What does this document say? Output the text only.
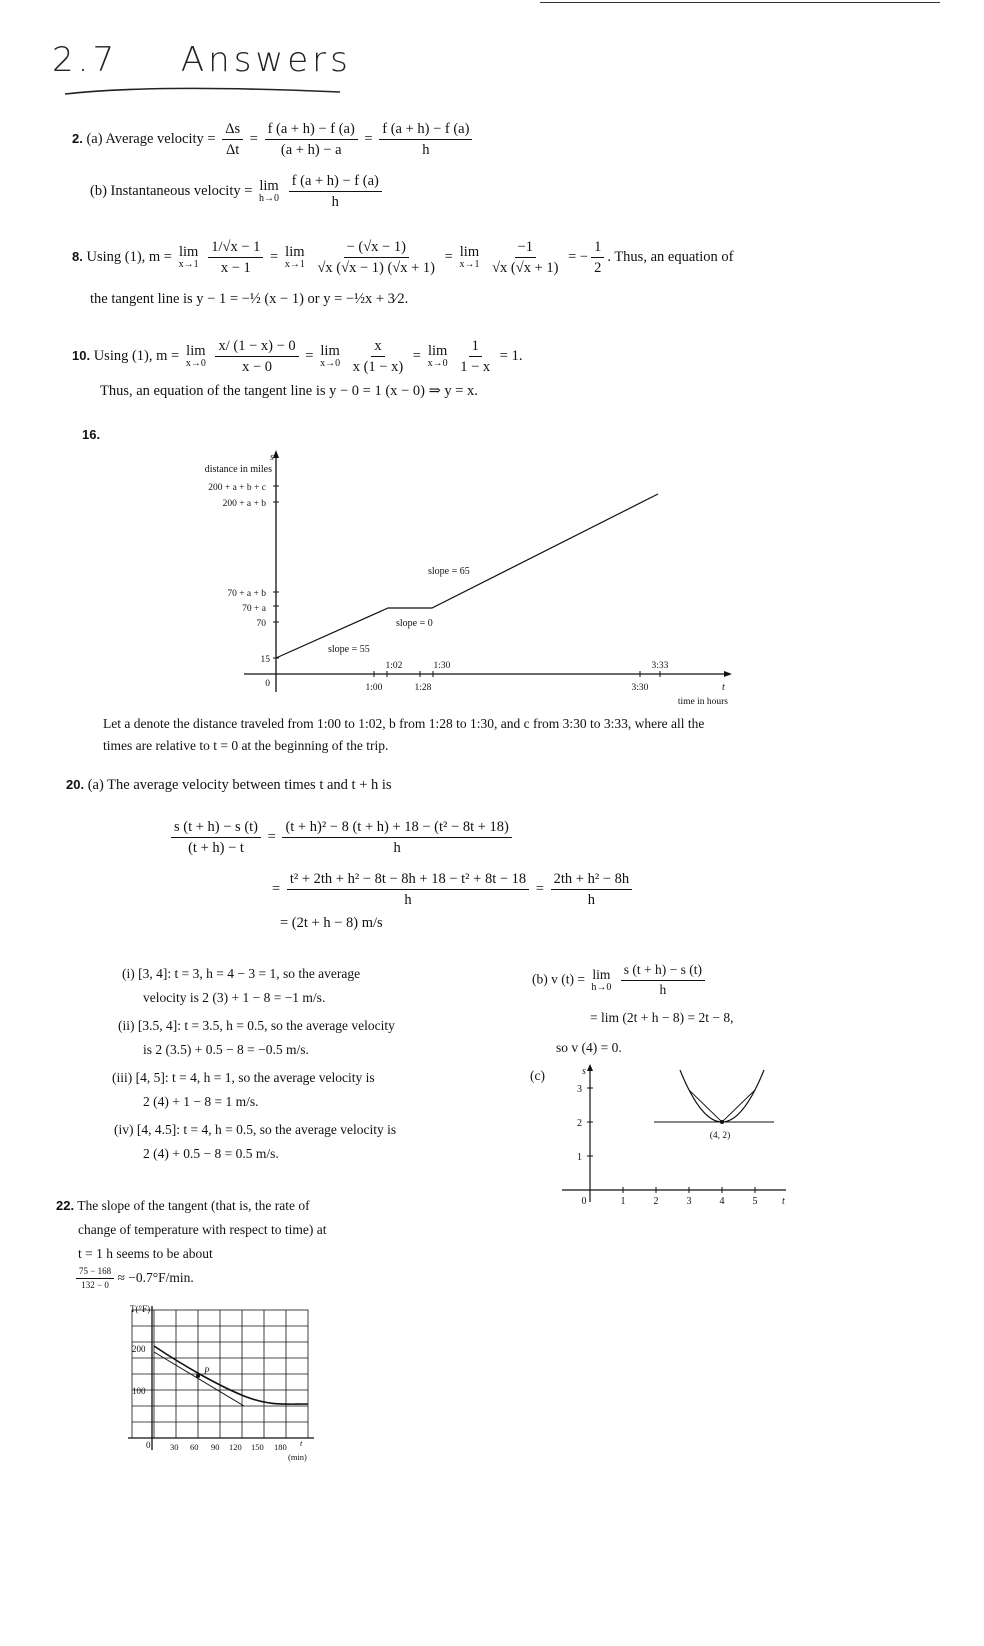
2.7 Answers
2. (a) Average velocity = $\frac{\Delta s}{\Delta t} = \frac{f (a + h) - f (a)}{(a + h) - a} = \frac{f (a + h) - f (a)}{h}$
(b) Instantaneous velocity = lim
h→0
$\frac{f (a + h) - f (a)}{h}$
8. Using (1), m = lim
x→1
$\frac{1/√x - 1}{x - 1} = \lim$
x→1
$\frac{- (√x - 1)}{√x (√x - 1) (√x + 1)} = \lim$
x→1
$\frac{-1}{√x (√x + 1)}$ = − $\frac{1}{2}$ . Thus, an equation of
the tangent line is y − 1 = −½ (x − 1) or y = −½x + 3⁄2.
10. Using (1), m = lim
x→0
$\frac{x/ (1 - x) - 0}{x - 0} = \lim$
x→0
$\frac{x}{x (1 - x)} = \lim$
x→0
$\frac{1}{1 - x} = 1$.
Thus, an equation of the tangent line is y − 0 = 1 (x − 0) ⇒ y = x.
16.
s
distance in miles
t
time in hours
200 + a + b + c
200 + a + b
70 + a + b
70 + a
70
15
0
1:02	1:30	3:33
1:00	1:28	3:30
slope = 65
slope = 0
slope = 55
Let a denote the distance traveled from 1:00 to 1:02, b from 1:28 to 1:30, and c from 3:30 to 3:33, where all the
times are relative to t = 0 at the beginning of the trip.
20. (a) The average velocity between times t and t + h is
$\frac{s (t + h) - s (t)}{(t + h) - t} = \frac{\text{(t + h)² − 8 (t + h) + 18 − (t² − 8t + 18)}}{h}$
= $\frac{\text{t² + 2th + h² − 8t − 8h + 18 − t² + 8t − 18}}{h} = \frac{\text{2th + h² − 8h}}{h}$
= (2t + h − 8) m/s
(i) [3, 4]: t = 3, h = 4 − 3 = 1, so the average
velocity is 2 (3) + 1 − 8 = −1 m/s.
(ii) [3.5, 4]: t = 3.5, h = 0.5, so the average velocity
is 2 (3.5) + 0.5 − 8 = −0.5 m/s.
(iii) [4, 5]: t = 4, h = 1, so the average velocity is
2 (4) + 1 − 8 = 1 m/s.
(iv) [4, 4.5]: t = 4, h = 0.5, so the average velocity is
2 (4) + 0.5 − 8 = 0.5 m/s.
(b) v (t) = lim
h→0
$\frac{s (t + h) - s (t)}{h}$
= lim (2t + h − 8) = 2t − 8,
so v (4) = 0.
(c)	s
t
3
2
1
0	1	2	3	4	5
(4, 2)
22. The slope of the tangent (that is, the rate of
change of temperature with respect to time) at
t = 1 h seems to be about
$\frac{75 - 168}{132 - 0} \approx -0.7^\circ F/\min$.
T(°F)
200
100
0 30 60 90 120 150 180 t
(min)
P
